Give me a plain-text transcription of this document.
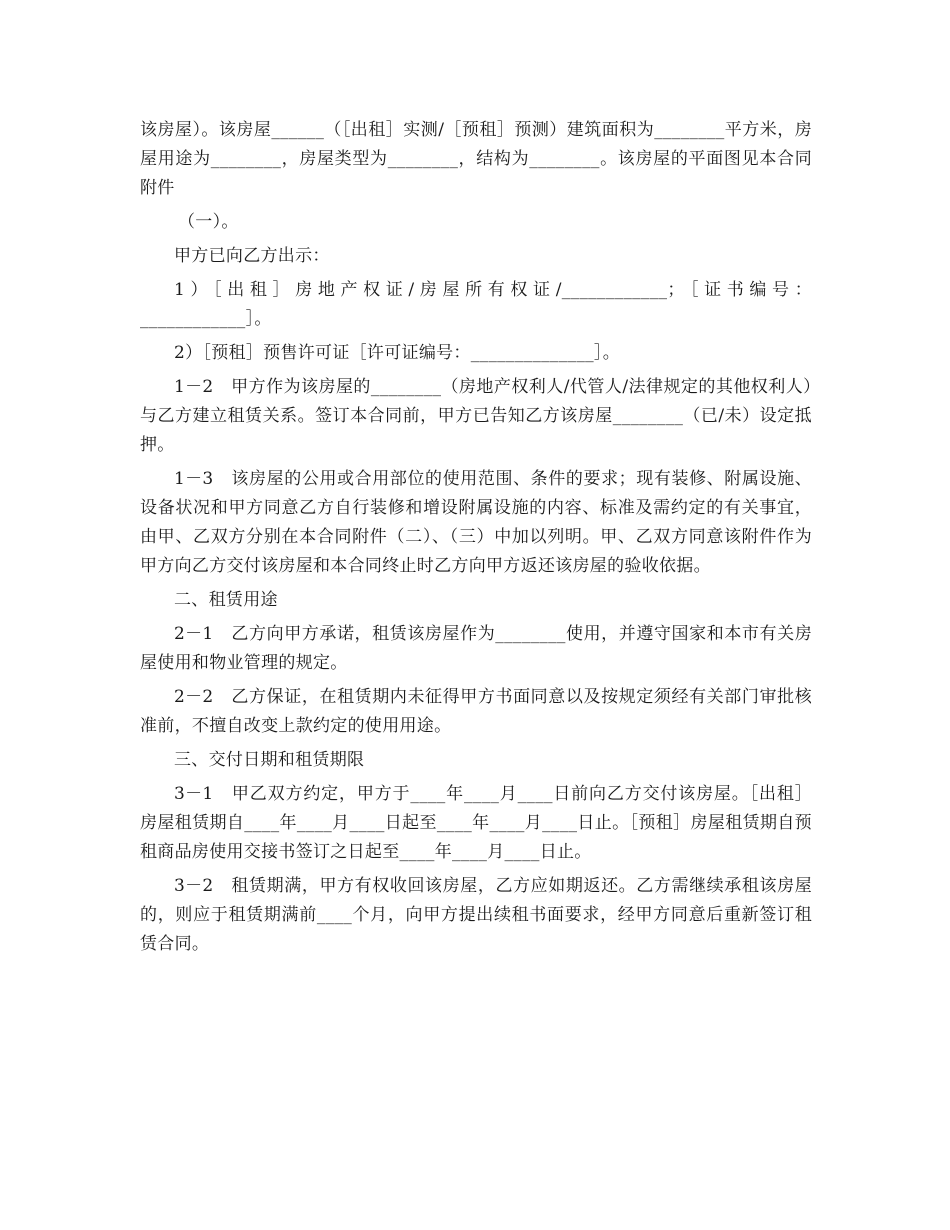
该房屋）。该房屋______（［出租］实测/［预租］预测）建筑面积为________平方米，房屋用途为________，房屋类型为________，结构为________。该房屋的平面图见本合同附件

（一）。

甲方已向乙方出示：

1）［出租］房地产权证/房屋所有权证/____________；［证书编号：____________］。

2）［预租］预售许可证［许可证编号：______________］。

1－2　甲方作为该房屋的________（房地产权利人/代管人/法律规定的其他权利人）与乙方建立租赁关系。签订本合同前，甲方已告知乙方该房屋________（已/未）设定抵押。

1－3　该房屋的公用或合用部位的使用范围、条件的要求；现有装修、附属设施、设备状况和甲方同意乙方自行装修和增设附属设施的内容、标准及需约定的有关事宜，由甲、乙双方分别在本合同附件（二）、（三）中加以列明。甲、乙双方同意该附件作为甲方向乙方交付该房屋和本合同终止时乙方向甲方返还该房屋的验收依据。

二、租赁用途

2－1　乙方向甲方承诺，租赁该房屋作为________使用，并遵守国家和本市有关房屋使用和物业管理的规定。

2－2　乙方保证，在租赁期内未征得甲方书面同意以及按规定须经有关部门审批核准前，不擅自改变上款约定的使用用途。

三、交付日期和租赁期限

3－1　甲乙双方约定，甲方于____年____月____日前向乙方交付该房屋。［出租］房屋租赁期自____年____月____日起至____年____月____日止。［预租］房屋租赁期自预租商品房使用交接书签订之日起至____年____月____日止。

3－2　租赁期满，甲方有权收回该房屋，乙方应如期返还。乙方需继续承租该房屋的，则应于租赁期满前____个月，向甲方提出续租书面要求，经甲方同意后重新签订租赁合同。
